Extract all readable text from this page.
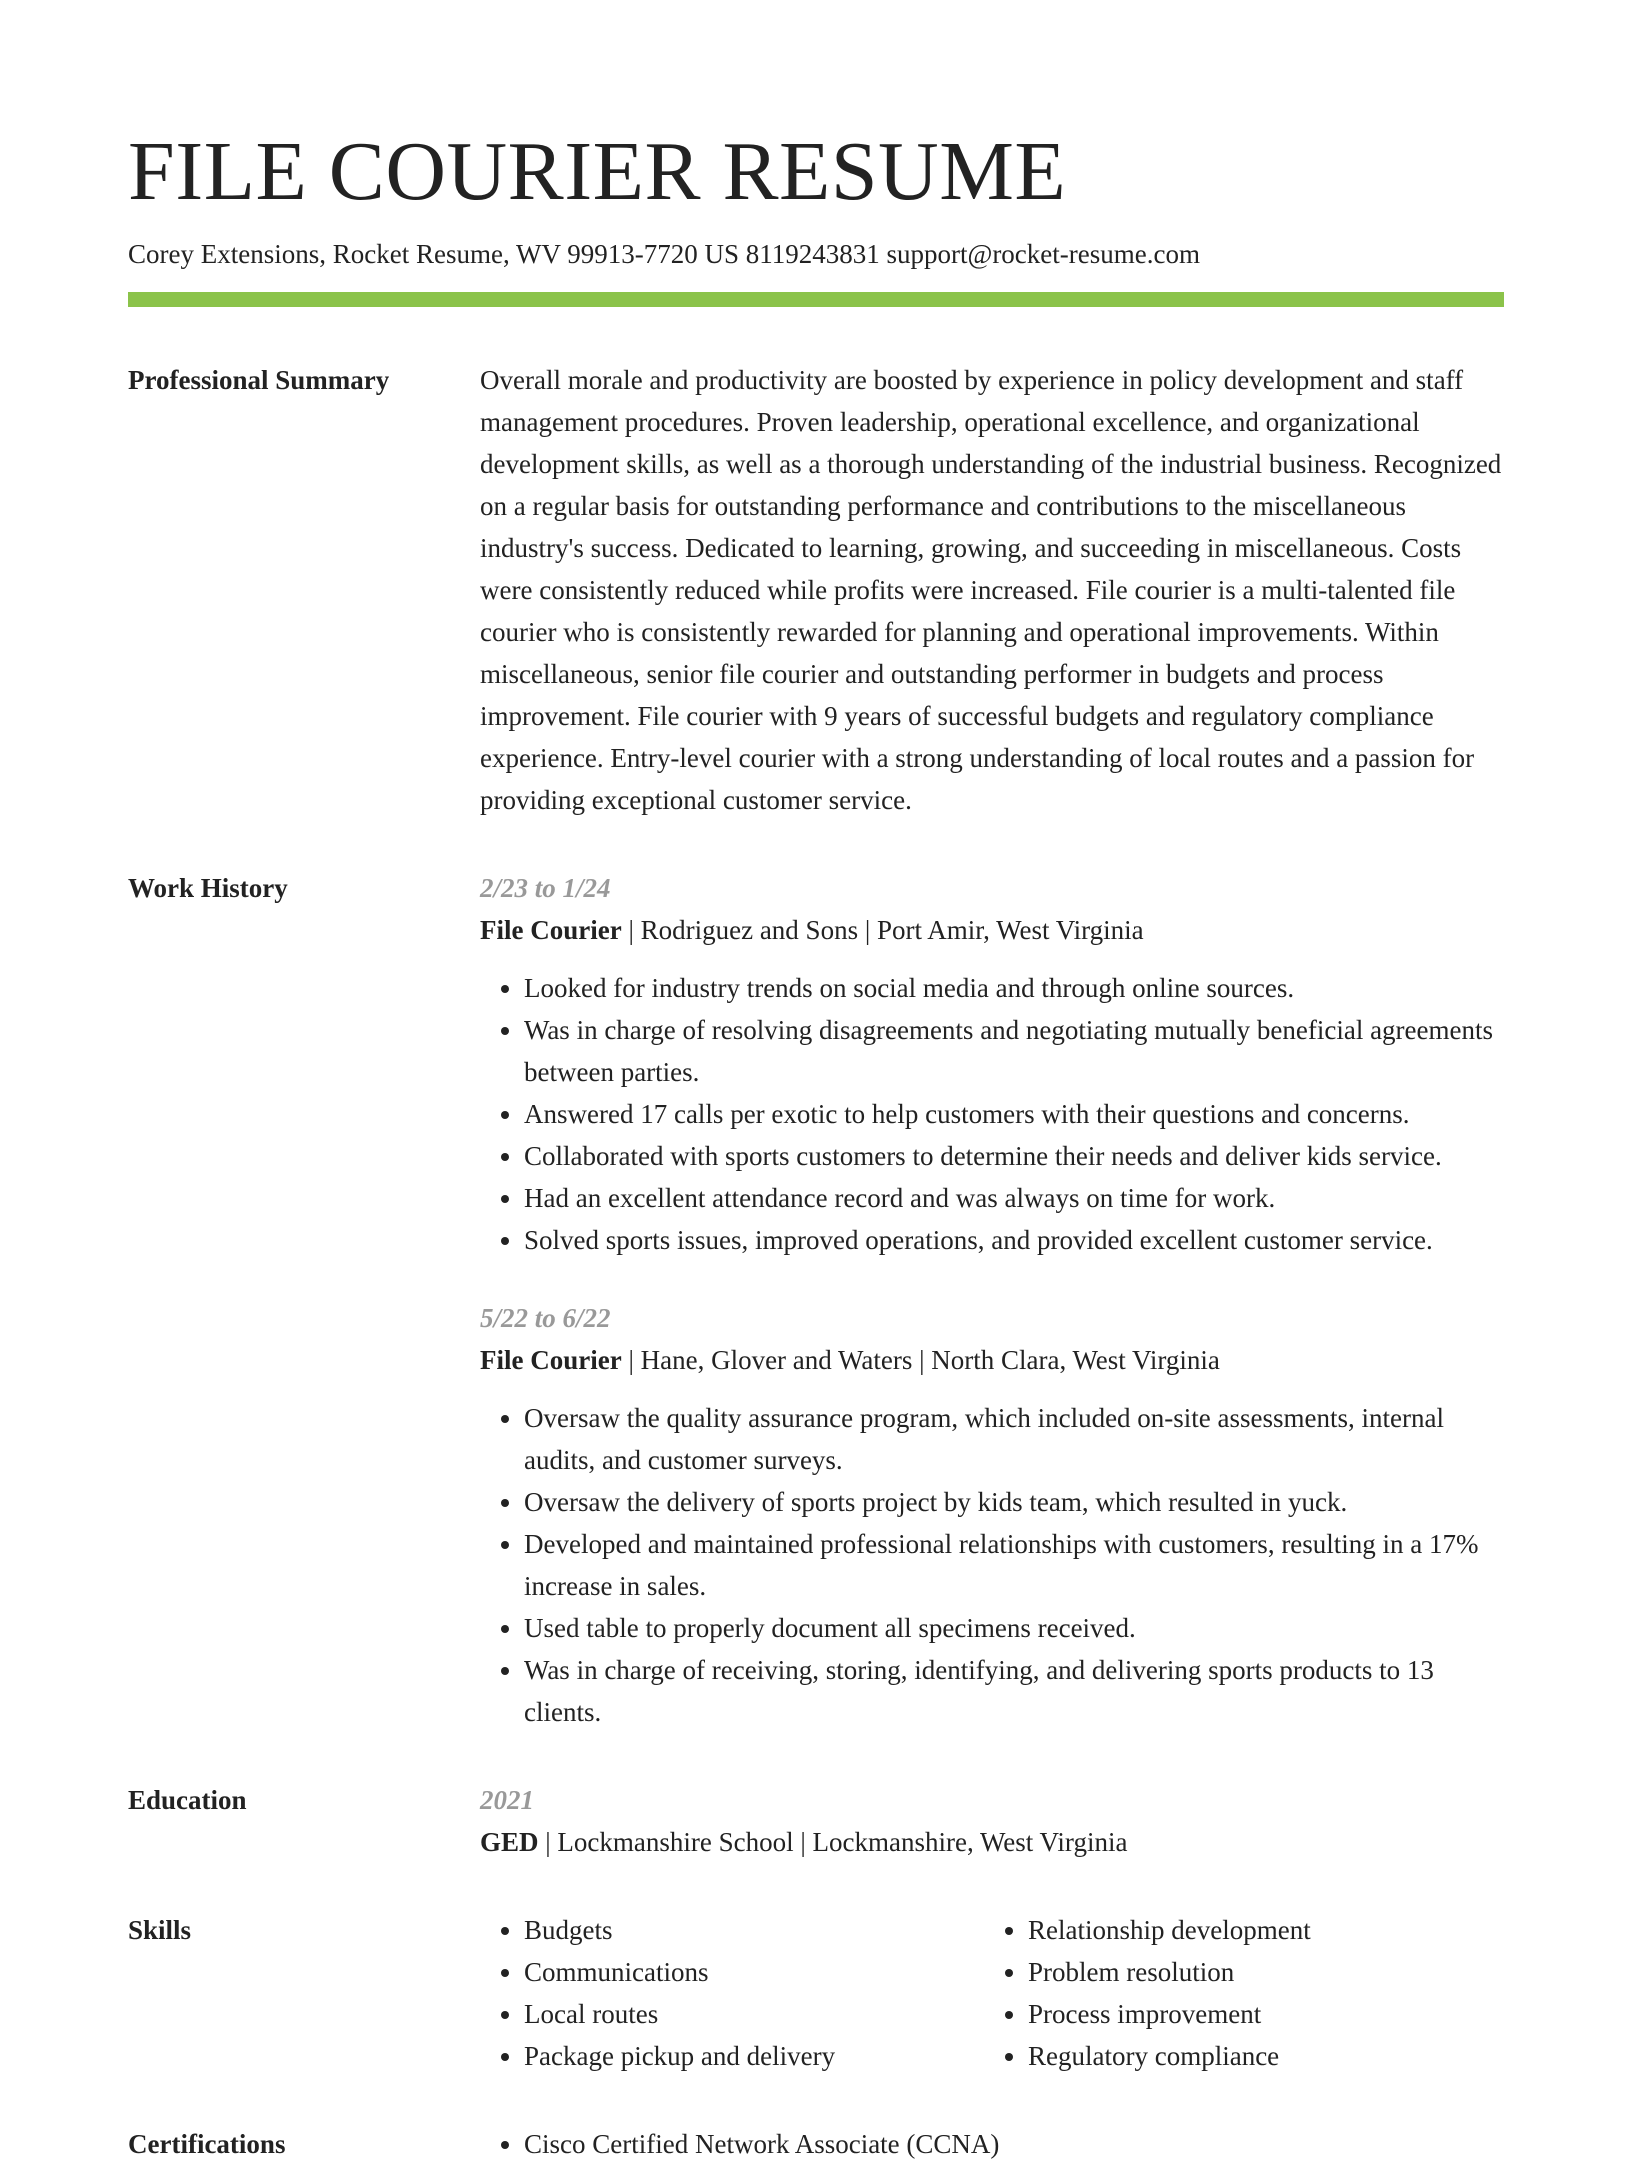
FILE COURIER RESUME
Corey Extensions, Rocket Resume, WV 99913-7720 US 8119243831 support@rocket-resume.com
Professional Summary	Overall morale and productivity are boosted by experience in policy development and staff management procedures. Proven leadership, operational excellence, and organizational development skills, as well as a thorough understanding of the industrial business. Recognized on a regular basis for outstanding performance and contributions to the miscellaneous industry's success. Dedicated to learning, growing, and succeeding in miscellaneous. Costs were consistently reduced while profits were increased. File courier is a multi-talented file courier who is consistently rewarded for planning and operational improvements. Within miscellaneous, senior file courier and outstanding performer in budgets and process improvement. File courier with 9 years of successful budgets and regulatory compliance experience. Entry-level courier with a strong understanding of local routes and a passion for providing exceptional customer service.

Work History	2/23 to 1/24
File Courier | Rodriguez and Sons | Port Amir, West Virginia
• Looked for industry trends on social media and through online sources.
• Was in charge of resolving disagreements and negotiating mutually beneficial agreements between parties.
• Answered 17 calls per exotic to help customers with their questions and concerns.
• Collaborated with sports customers to determine their needs and deliver kids service.
• Had an excellent attendance record and was always on time for work.
• Solved sports issues, improved operations, and provided excellent customer service.
5/22 to 6/22
File Courier | Hane, Glover and Waters | North Clara, West Virginia
• Oversaw the quality assurance program, which included on-site assessments, internal audits, and customer surveys.
• Oversaw the delivery of sports project by kids team, which resulted in yuck.
• Developed and maintained professional relationships with customers, resulting in a 17% increase in sales.
• Used table to properly document all specimens received.
• Was in charge of receiving, storing, identifying, and delivering sports products to 13 clients.
Education	2021
GED | Lockmanshire School | Lockmanshire, West Virginia
Skills	• Budgets
• Communications
• Local routes
• Package pickup and delivery
• Relationship development
• Problem resolution
• Process improvement
• Regulatory compliance
Certifications	• Cisco Certified Network Associate (CCNA)
